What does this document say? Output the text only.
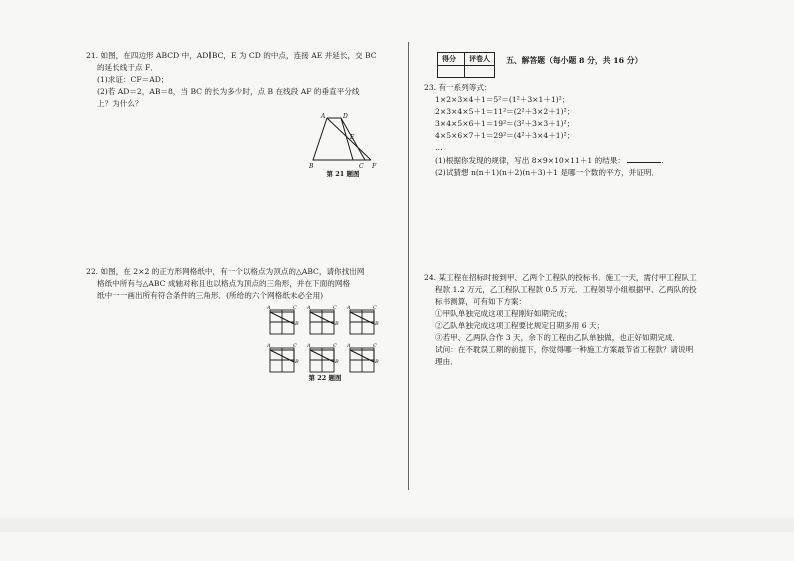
21. 如图，在四边形 ABCD 中，AD∥BC，E 为 CD 的中点，连接 AE 并延长，交 BC
的延长线于点 F．
(1)求证：CF＝AD；
(2)若 AD＝2，AB＝8，当 BC 的长为多少时，点 B 在线段 AF 的垂直平分线
上？为什么？
A	D
E
B	C F
第 21 题图
22. 如图，在 2×2 的正方形网格纸中，有一个以格点为顶点的△ABC，请你找出网
格纸中所有与△ABC 成轴对称且也以格点为顶点的三角形，并在下面的网格
纸中一一画出所有符合条件的三角形．(所给的六个网格纸未必全用)
A	C
B
A	C
B
A	C
B
A	C
B
A	C
B
A	C
B
第 22 题图
得分	评卷人
	五、解答题（每小题 8 分，共 16 分）
23. 有一系列等式：
1×2×3×4＋1＝5²＝(1²＋3×1＋1)²；
2×3×4×5＋1＝11²＝(2²＋3×2＋1)²；
3×4×5×6＋1＝19²＝(3²＋3×3＋1)²；
4×5×6×7＋1＝29²＝(4²＋3×4＋1)²；
…
(1)根据你发现的规律，写出 8×9×10×11＋1 的结果：	.
(2)试猜想 n(n＋1)(n＋2)(n＋3)＋1 是哪一个数的平方，并证明．
24. 某工程在招标时接到甲、乙两个工程队的投标书．施工一天，需付甲工程队工
程款 1.2 万元，乙工程队工程款 0.5 万元．工程领导小组根据甲、乙两队的投
标书测算，可有如下方案：
①甲队单独完成这项工程刚好如期完成；
②乙队单独完成这项工程要比规定日期多用 6 天；
③若甲、乙两队合作 3 天，余下的工程由乙队单独做，也正好如期完成．
试问：在不耽误工期的前提下，你觉得哪一种施工方案最节省工程款？请说明
理由．
